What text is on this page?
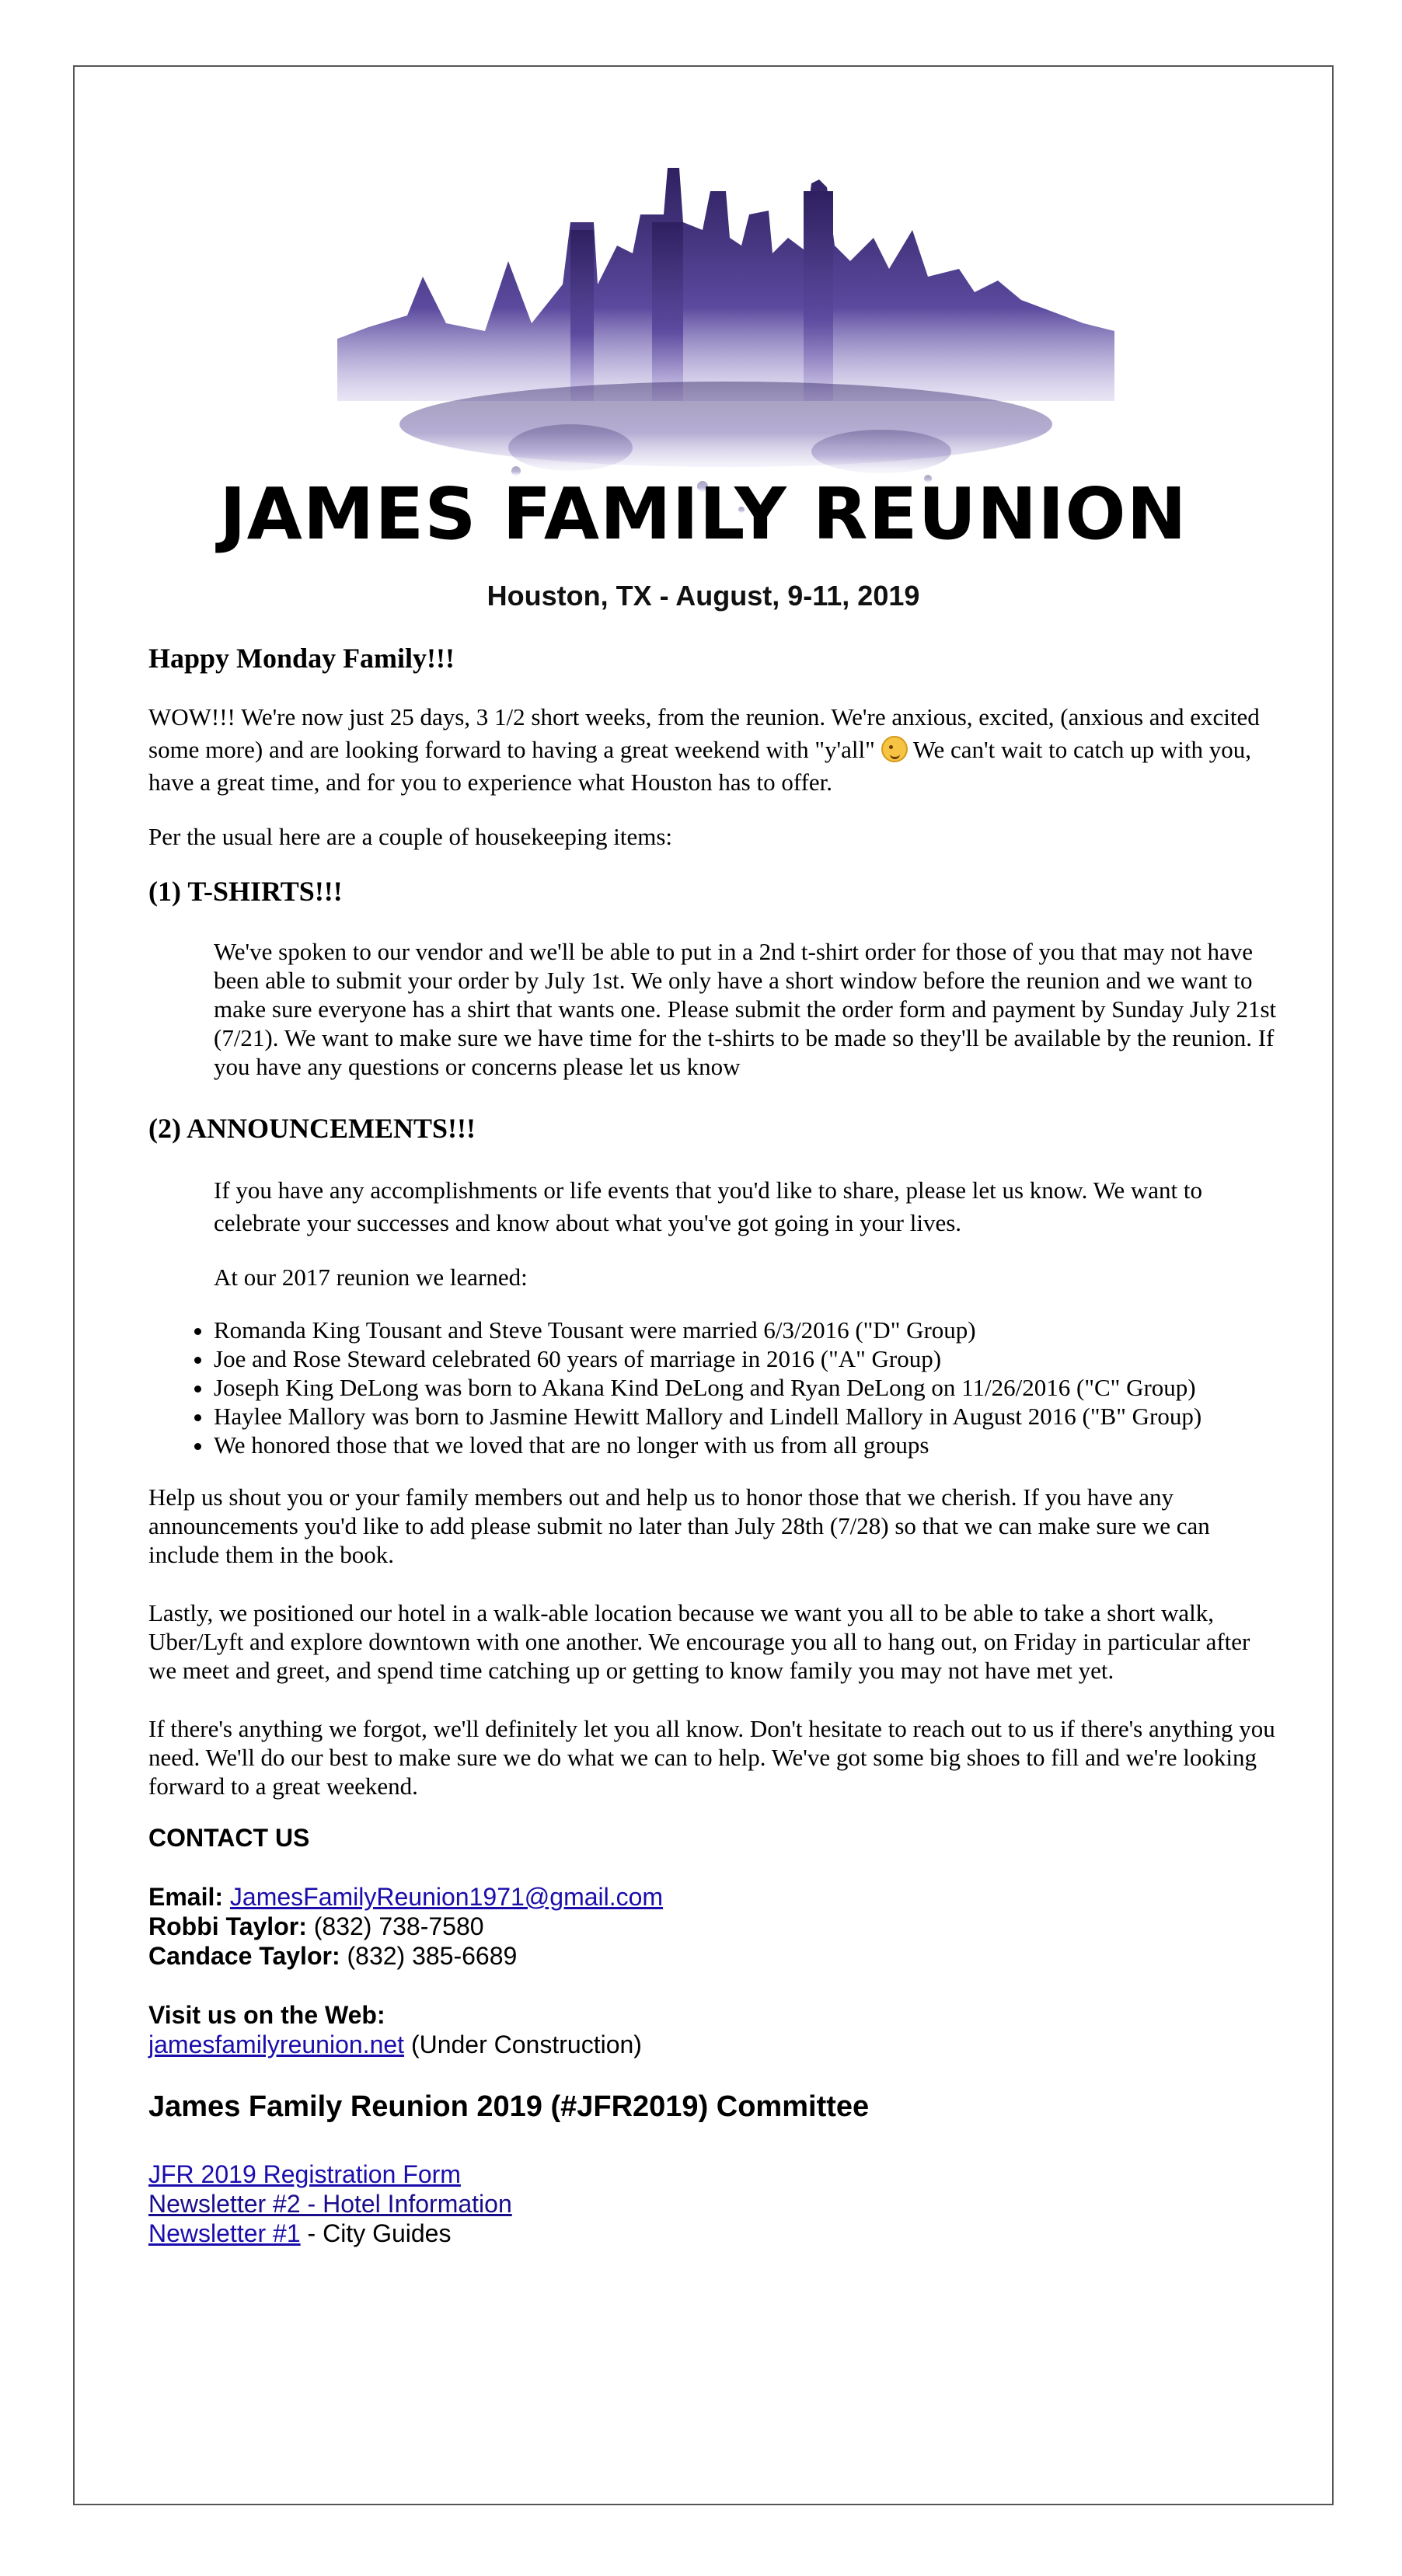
JAMES FAMILY REUNION
Houston, TX - August, 9-11, 2019
Happy Monday Family!!!

WOW!!! We're now just 25 days, 3 1/2 short weeks, from the reunion. We're anxious, excited, (anxious and excited some more) and are looking forward to having a great weekend with "y'all"  We can't wait to catch up with you, have a great time, and for you to experience what Houston has to offer.

Per the usual here are a couple of housekeeping items:

(1) T-SHIRTS!!!

We've spoken to our vendor and we'll be able to put in a 2nd t-shirt order for those of you that may not have been able to submit your order by July 1st. We only have a short window before the reunion and we want to make sure everyone has a shirt that wants one. Please submit the order form and payment by Sunday July 21st (7/21). We want to make sure we have time for the t-shirts to be made so they'll be available by the reunion. If you have any questions or concerns please let us know

(2) ANNOUNCEMENTS!!!

If you have any accomplishments or life events that you'd like to share, please let us know. We want to celebrate your successes and know about what you've got going in your lives.

At our 2017 reunion we learned:

• Romanda King Tousant and Steve Tousant were married 6/3/2016 ("D" Group)
• Joe and Rose Steward celebrated 60 years of marriage in 2016 ("A" Group)
• Joseph King DeLong was born to Akana Kind DeLong and Ryan DeLong on 11/26/2016 ("C" Group)
• Haylee Mallory was born to Jasmine Hewitt Mallory and Lindell Mallory in August 2016 ("B" Group)
• We honored those that we loved that are no longer with us from all groups

Help us shout you or your family members out and help us to honor those that we cherish. If you have any announcements you'd like to add please submit no later than July 28th (7/28) so that we can make sure we can include them in the book.

Lastly, we positioned our hotel in a walk-able location because we want you all to be able to take a short walk, Uber/Lyft and explore downtown with one another. We encourage you all to hang out, on Friday in particular after we meet and greet, and spend time catching up or getting to know family you may not have met yet.

If there's anything we forgot, we'll definitely let you all know. Don't hesitate to reach out to us if there's anything you need. We'll do our best to make sure we do what we can to help. We've got some big shoes to fill and we're looking forward to a great weekend.

CONTACT US
Email: JamesFamilyReunion1971@gmail.com
Robbi Taylor: (832) 738-7580
Candace Taylor: (832) 385-6689
Visit us on the Web:
jamesfamilyreunion.net (Under Construction)
James Family Reunion 2019 (#JFR2019) Committee
JFR 2019 Registration Form
Newsletter #2 - Hotel Information
Newsletter #1 - City Guides
